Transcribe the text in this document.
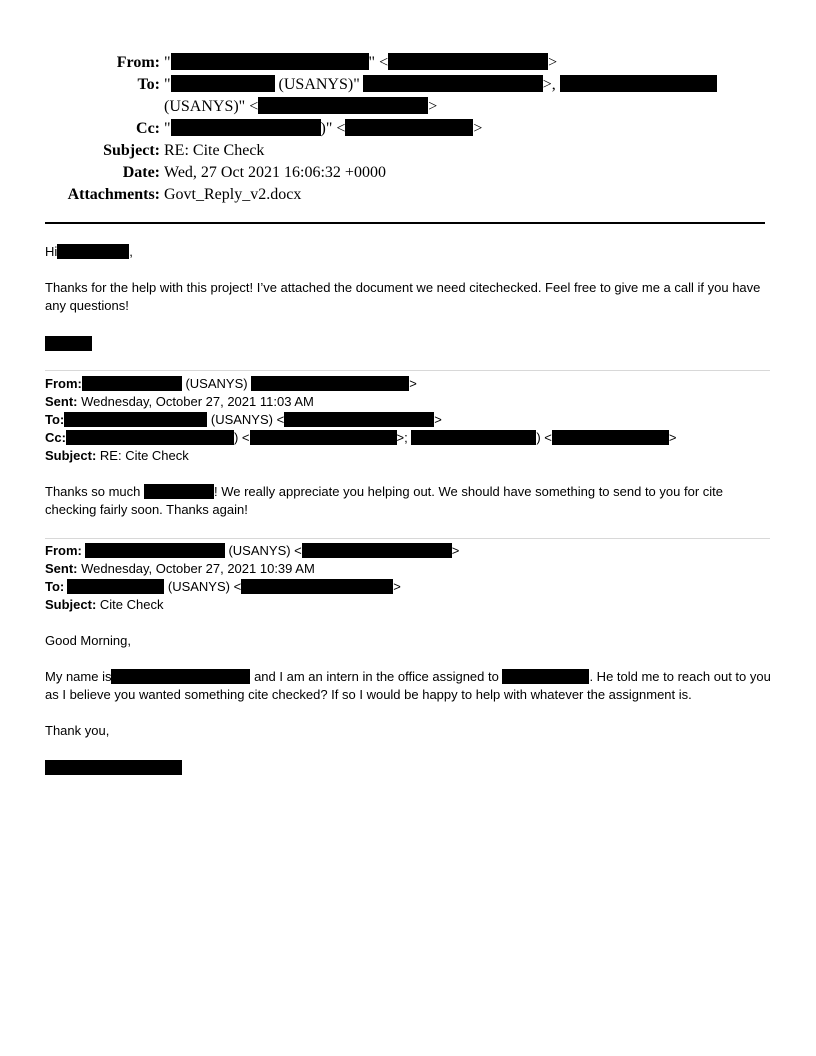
From: "	" <	>
To: "	(USANYS)"	>,
(USANYS)" <	>
Cc: "	)" <	>
Subject: RE: Cite Check
Date: Wed, 27 Oct 2021 16:06:32 +0000
Attachments: Govt_Reply_v2.docx

Hi	,

Thanks for the help with this project! I’ve attached the document we need citechecked. Feel free to give me a call if you have any questions!

From:	(USANYS)	>

Sent: Wednesday, October 27, 2021 11:03 AM

To:	(USANYS) <	>

Cc:	) <	>;	) <	>

Subject: RE: Cite Check

Thanks so much	! We really appreciate you helping out. We should have something to send to you for cite checking fairly soon. Thanks again!

From:	(USANYS) <	>

Sent: Wednesday, October 27, 2021 10:39 AM

To:	(USANYS) <	>

Subject: Cite Check

Good Morning,

My name is	and I am an intern in the office assigned to	. He told me to reach out to you as I believe you wanted something cite checked? If so I would be happy to help with whatever the assignment is.

Thank you,
